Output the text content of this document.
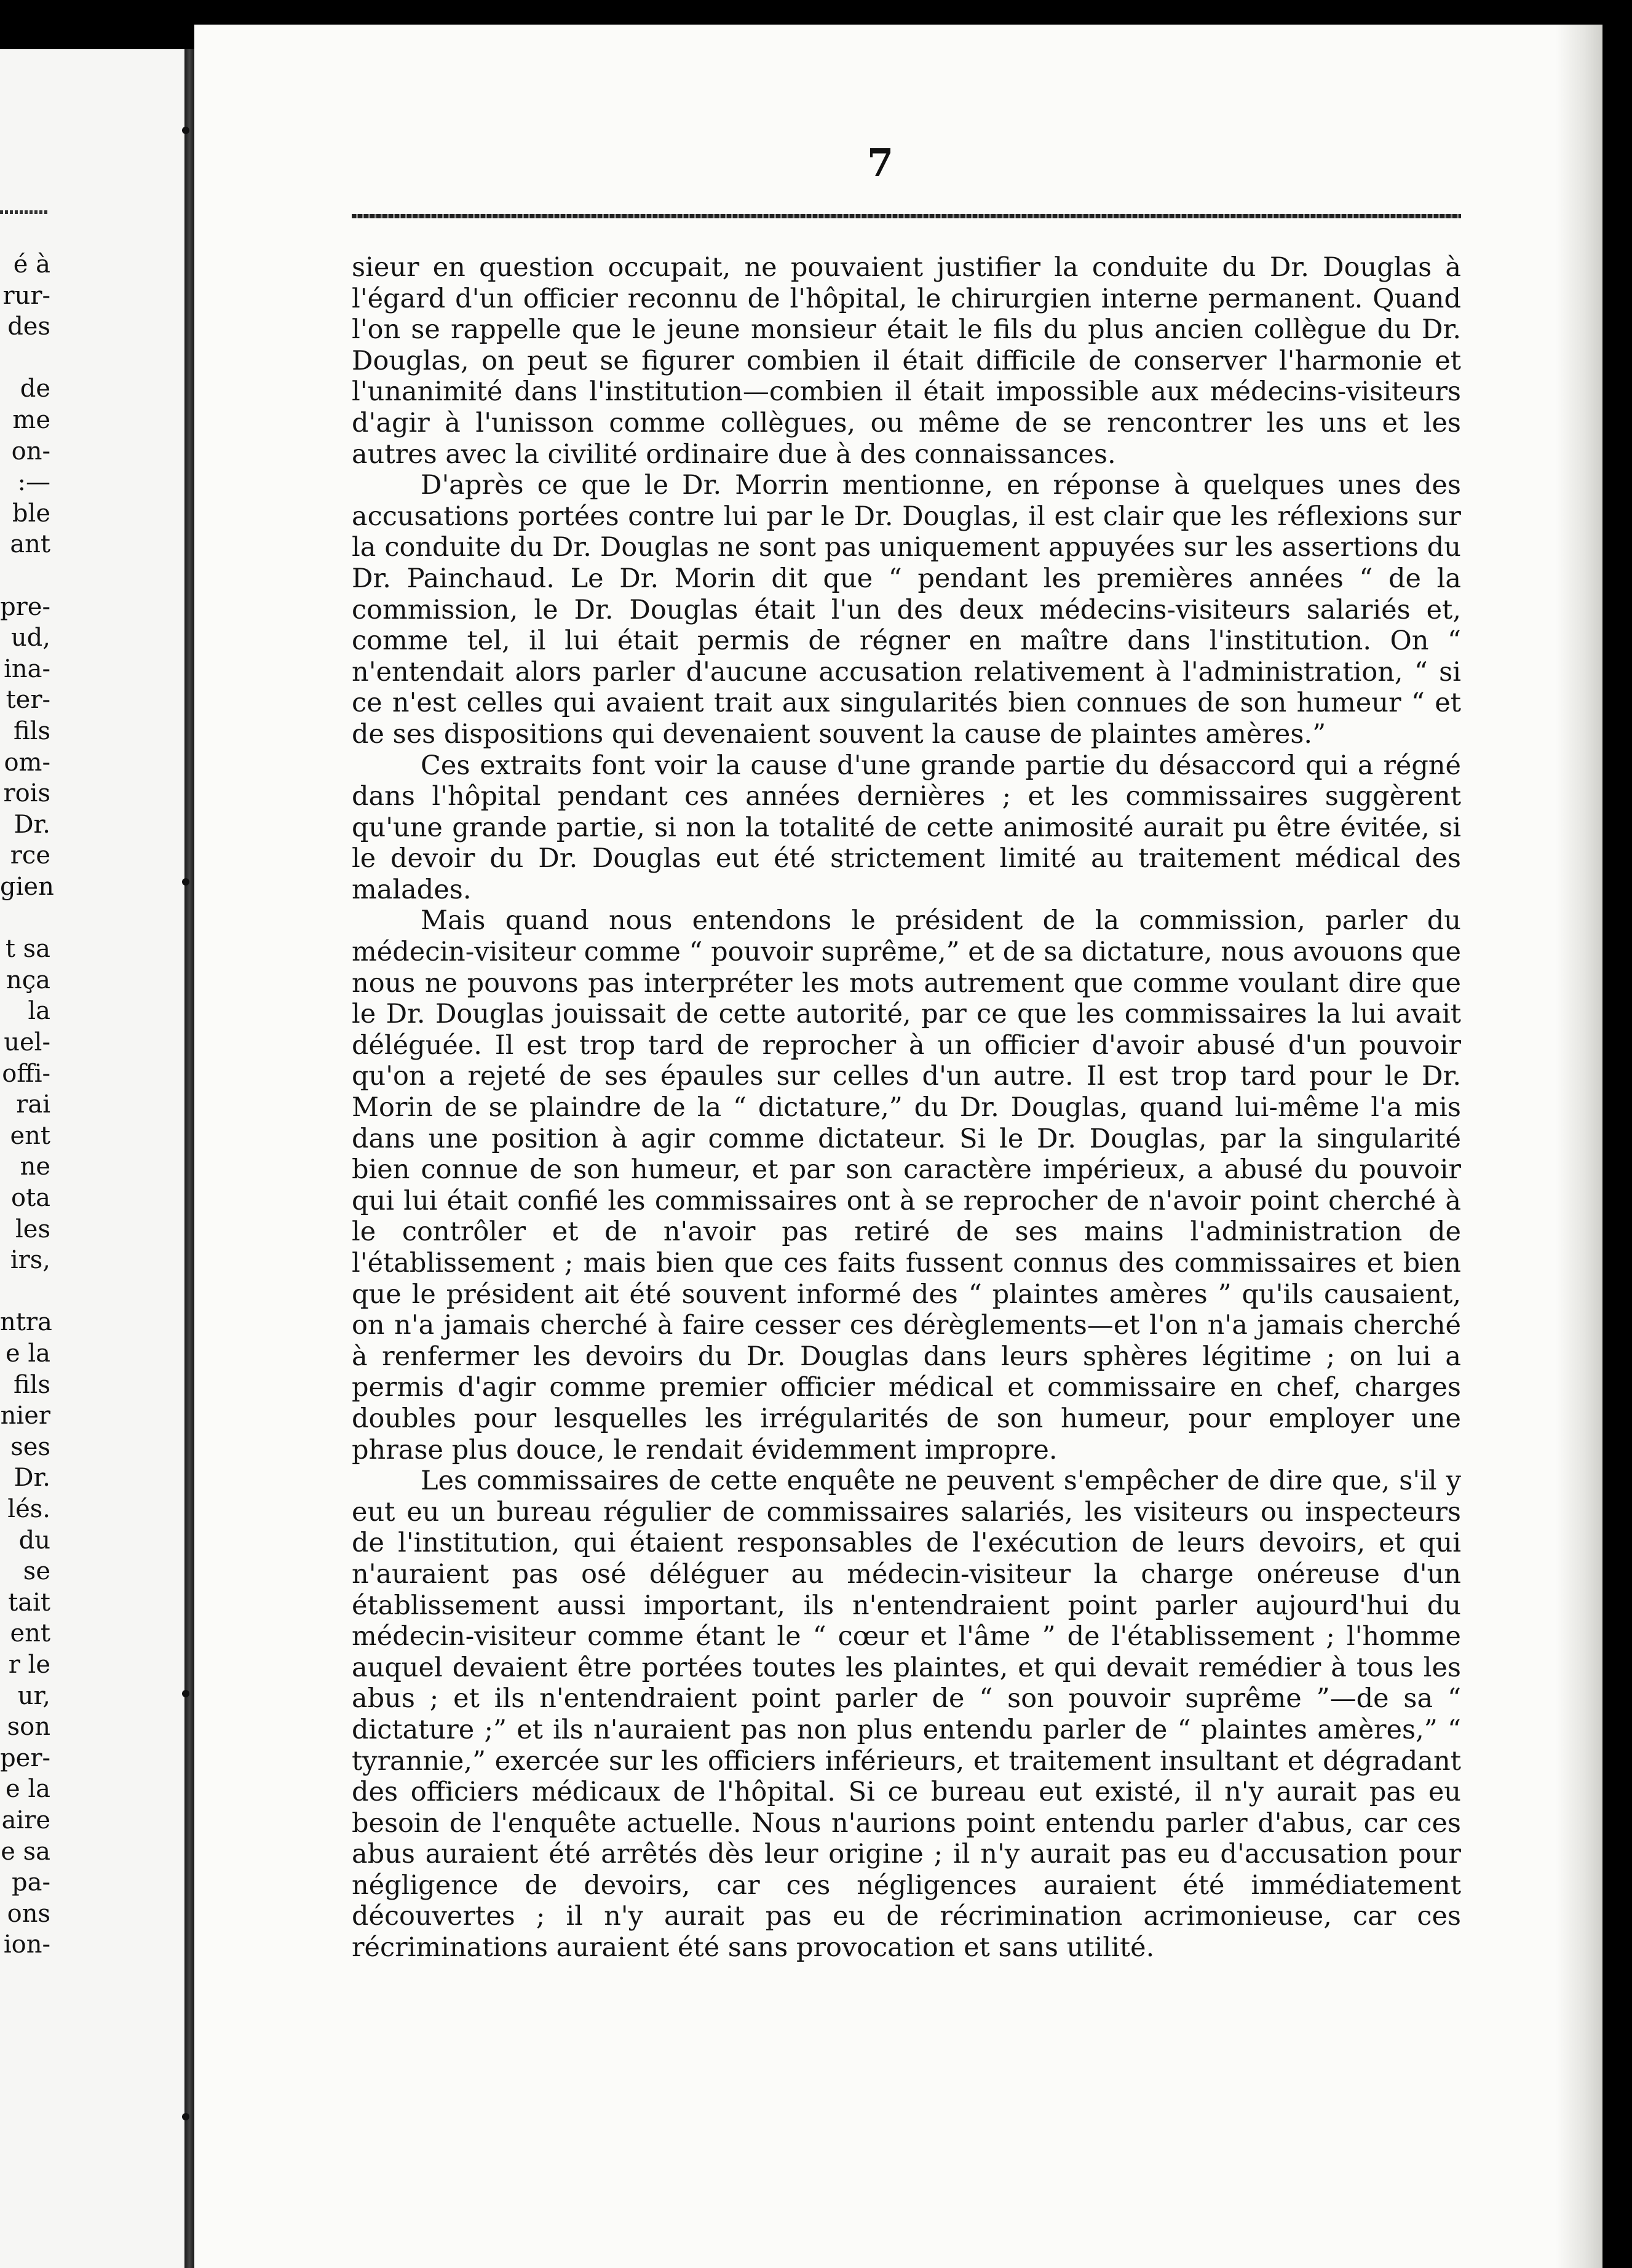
é à
rur-
des
de
me
on-
:—
ble
ant
pre-
ud,
ina-
ter-
fils
om-
rois
Dr.
rce
gien
t sa
nça
la
uel-
offi-
rai
ent
ne
ota
les
irs,
ntra
e la
fils
nier
ses
Dr.
lés.
du
se
tait
ent
r le
ur,
son
per-
e la
aire
e sa
pa-
ons
ion-
7

sieur en question occupait, ne pouvaient justifier la conduite du Dr. Douglas à l'égard d'un officier reconnu de l'hôpital, le chirurgien interne permanent. Quand l'on se rappelle que le jeune monsieur était le fils du plus ancien collègue du Dr. Douglas, on peut se figurer combien il était difficile de conserver l'harmonie et l'unanimité dans l'institution—combien il était impossible aux médecins-visiteurs d'agir à l'unisson comme collègues, ou même de se rencontrer les uns et les autres avec la civilité ordinaire due à des connaissances.

D'après ce que le Dr. Morrin mentionne, en réponse à quelques unes des accusations portées contre lui par le Dr. Douglas, il est clair que les réflexions sur la conduite du Dr. Douglas ne sont pas uniquement appuyées sur les assertions du Dr. Painchaud. Le Dr. Morin dit que “ pendant les premières années “ de la commission, le Dr. Douglas était l'un des deux médecins-visiteurs salariés et, comme tel, il lui était permis de régner en maître dans l'institution. On “ n'entendait alors parler d'aucune accusation relativement à l'administration, “ si ce n'est celles qui avaient trait aux singularités bien connues de son humeur “ et de ses dispositions qui devenaient souvent la cause de plaintes amères.”

Ces extraits font voir la cause d'une grande partie du désaccord qui a régné dans l'hôpital pendant ces années dernières ; et les commissaires suggèrent qu'une grande partie, si non la totalité de cette animosité aurait pu être évitée, si le devoir du Dr. Douglas eut été strictement limité au traitement médical des malades.

Mais quand nous entendons le président de la commission, parler du médecin-visiteur comme “ pouvoir suprême,” et de sa dictature, nous avouons que nous ne pouvons pas interpréter les mots autrement que comme voulant dire que le Dr. Douglas jouissait de cette autorité, par ce que les commissaires la lui avait déléguée. Il est trop tard de reprocher à un officier d'avoir abusé d'un pouvoir qu'on a rejeté de ses épaules sur celles d'un autre. Il est trop tard pour le Dr. Morin de se plaindre de la “ dictature,” du Dr. Douglas, quand lui-même l'a mis dans une position à agir comme dictateur. Si le Dr. Douglas, par la singularité bien connue de son humeur, et par son caractère impérieux, a abusé du pouvoir qui lui était confié les commissaires ont à se reprocher de n'avoir point cherché à le contrôler et de n'avoir pas retiré de ses mains l'administration de l'établissement ; mais bien que ces faits fussent connus des commissaires et bien que le président ait été souvent informé des “ plaintes amères ” qu'ils causaient, on n'a jamais cherché à faire cesser ces dérèglements—et l'on n'a jamais cherché à renfermer les devoirs du Dr. Douglas dans leurs sphères légitime ; on lui a permis d'agir comme premier officier médical et commissaire en chef, charges doubles pour lesquelles les irrégularités de son humeur, pour employer une phrase plus douce, le rendait évidemment impropre.

Les commissaires de cette enquête ne peuvent s'empêcher de dire que, s'il y eut eu un bureau régulier de commissaires salariés, les visiteurs ou inspecteurs de l'institution, qui étaient responsables de l'exécution de leurs devoirs, et qui n'auraient pas osé déléguer au médecin-visiteur la charge onéreuse d'un établissement aussi important, ils n'entendraient point parler aujourd'hui du médecin-visiteur comme étant le “ cœur et l'âme ” de l'établissement ; l'homme auquel devaient être portées toutes les plaintes, et qui devait remédier à tous les abus ; et ils n'entendraient point parler de “ son pouvoir suprême ”—de sa “ dictature ;” et ils n'auraient pas non plus entendu parler de “ plaintes amères,” “ tyrannie,” exercée sur les officiers inférieurs, et traitement insultant et dégradant des officiers médicaux de l'hôpital. Si ce bureau eut existé, il n'y aurait pas eu besoin de l'enquête actuelle. Nous n'aurions point entendu parler d'abus, car ces abus auraient été arrêtés dès leur origine ; il n'y aurait pas eu d'accusation pour négligence de devoirs, car ces négligences auraient été immédiatement découvertes ; il n'y aurait pas eu de récrimination acrimonieuse, car ces récriminations auraient été sans provocation et sans utilité.
